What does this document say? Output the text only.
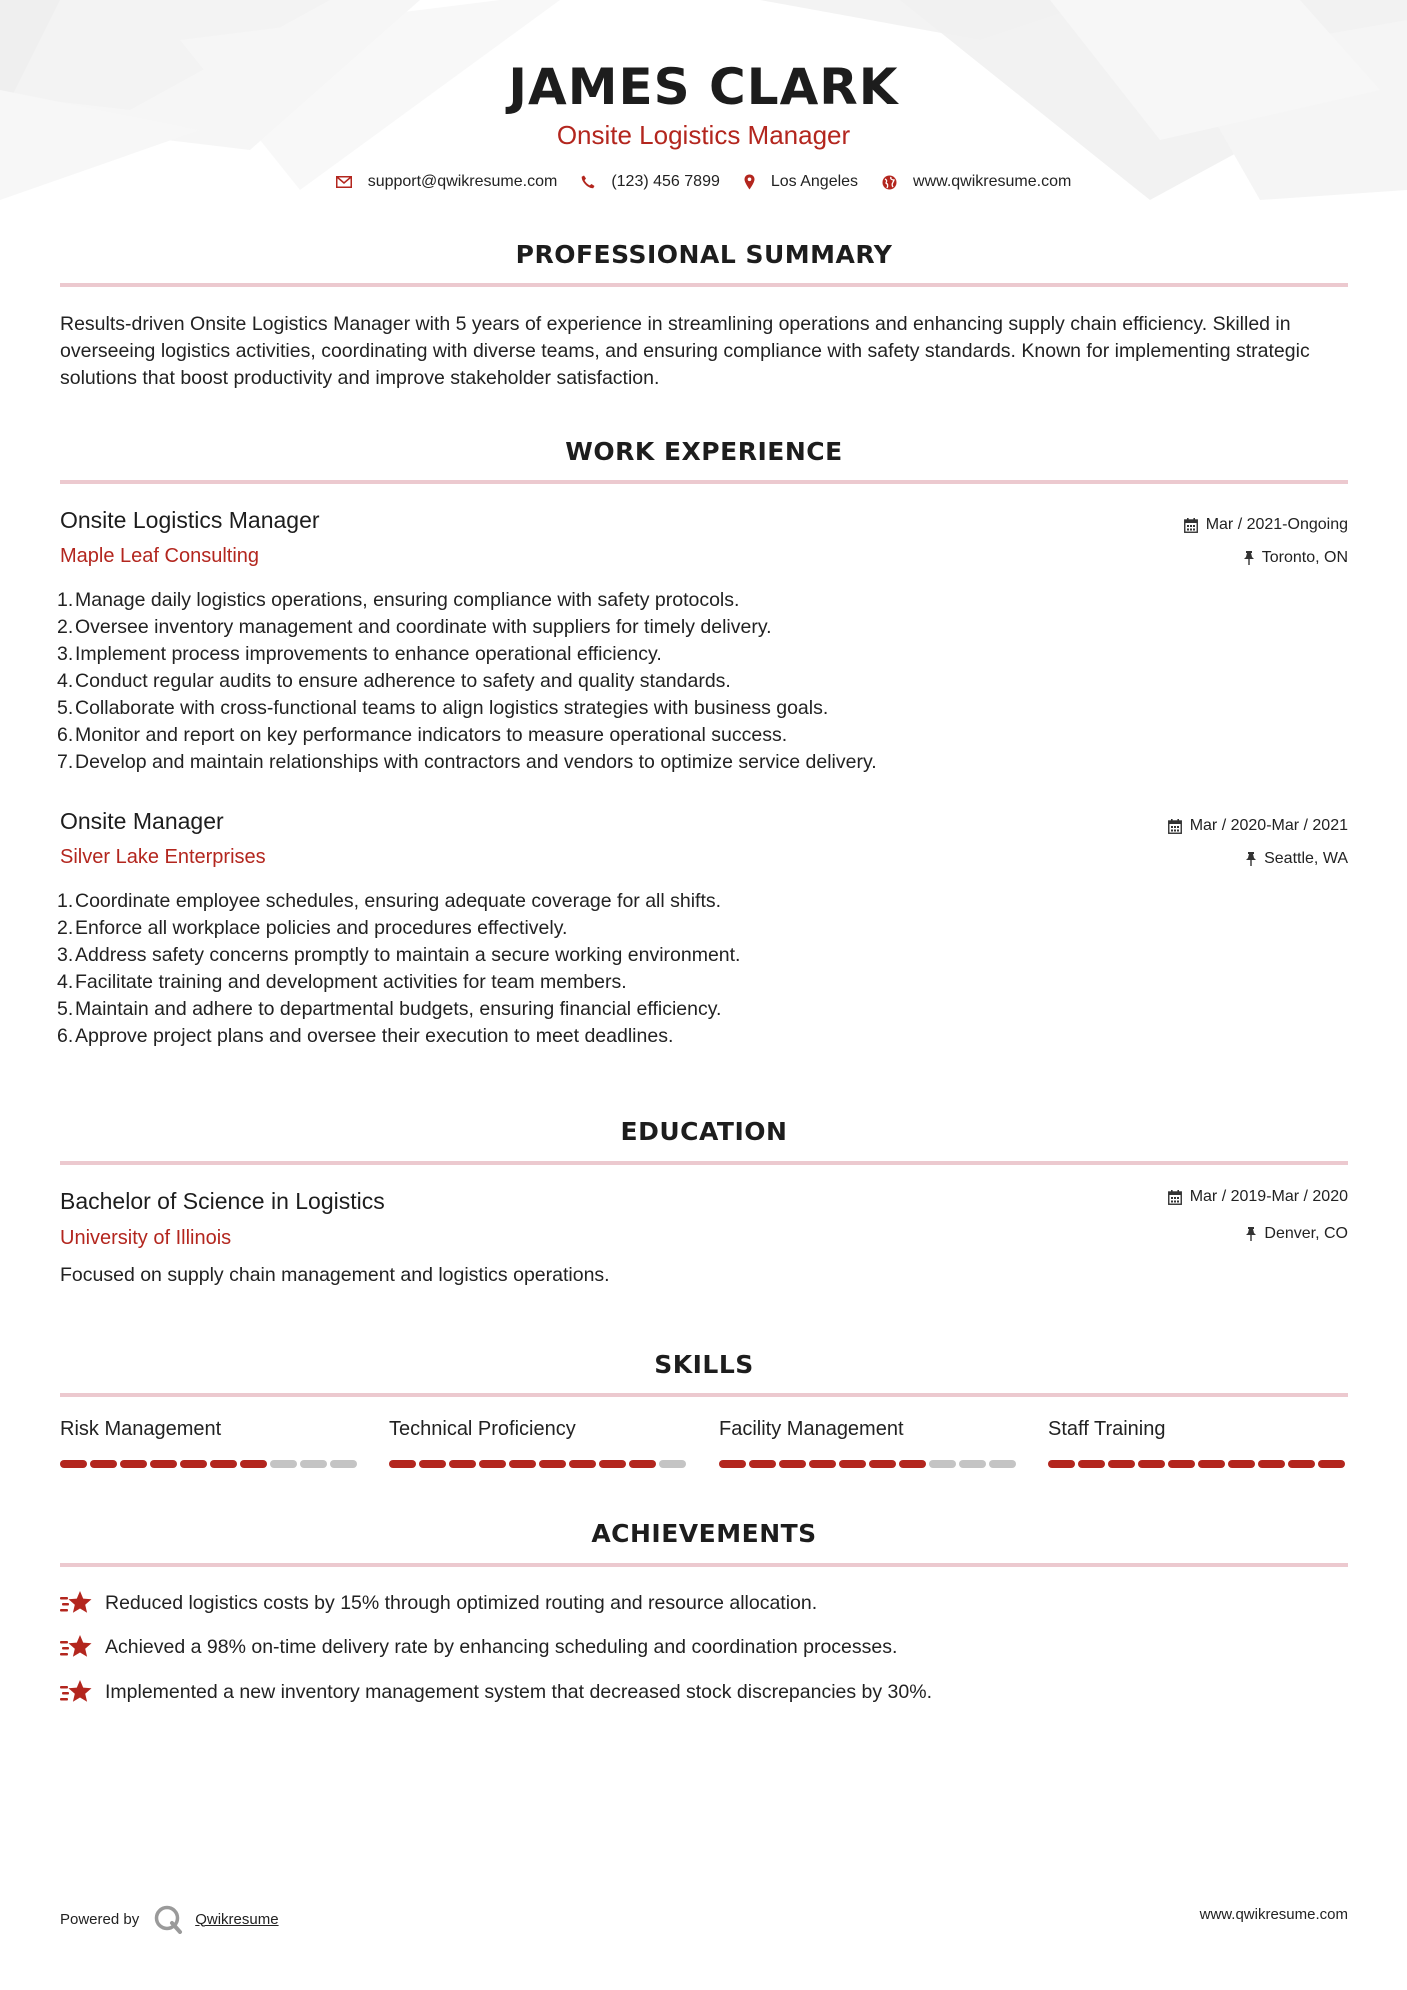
JAMES CLARK
Onsite Logistics Manager
support@qwikresume.com	(123) 456 7899	Los Angeles	www.qwikresume.com
PROFESSIONAL SUMMARY
Results-driven Onsite Logistics Manager with 5 years of experience in streamlining operations and enhancing supply chain efficiency. Skilled in overseeing logistics activities, coordinating with diverse teams, and ensuring compliance with safety standards. Known for implementing strategic solutions that boost productivity and improve stakeholder satisfaction.
WORK EXPERIENCE
Onsite Logistics Manager	Mar / 2021-Ongoing
Maple Leaf Consulting	Toronto, ON
1.Manage daily logistics operations, ensuring compliance with safety protocols.
2.Oversee inventory management and coordinate with suppliers for timely delivery.
3.Implement process improvements to enhance operational efficiency.
4.Conduct regular audits to ensure adherence to safety and quality standards.
5.Collaborate with cross-functional teams to align logistics strategies with business goals.
6.Monitor and report on key performance indicators to measure operational success.
7.Develop and maintain relationships with contractors and vendors to optimize service delivery.
Onsite Manager	Mar / 2020-Mar / 2021
Silver Lake Enterprises	Seattle, WA
1.Coordinate employee schedules, ensuring adequate coverage for all shifts.
2.Enforce all workplace policies and procedures effectively.
3.Address safety concerns promptly to maintain a secure working environment.
4.Facilitate training and development activities for team members.
5.Maintain and adhere to departmental budgets, ensuring financial efficiency.
6.Approve project plans and oversee their execution to meet deadlines.
EDUCATION
Bachelor of Science in Logistics	Mar / 2019-Mar / 2020
University of Illinois	Denver, CO
Focused on supply chain management and logistics operations.
SKILLS
Risk Management	Technical Proficiency	Facility Management	Staff Training
ACHIEVEMENTS
Reduced logistics costs by 15% through optimized routing and resource allocation.
Achieved a 98% on-time delivery rate by enhancing scheduling and coordination processes.
Implemented a new inventory management system that decreased stock discrepancies by 30%.
Powered by	Qwikresume	www.qwikresume.com
